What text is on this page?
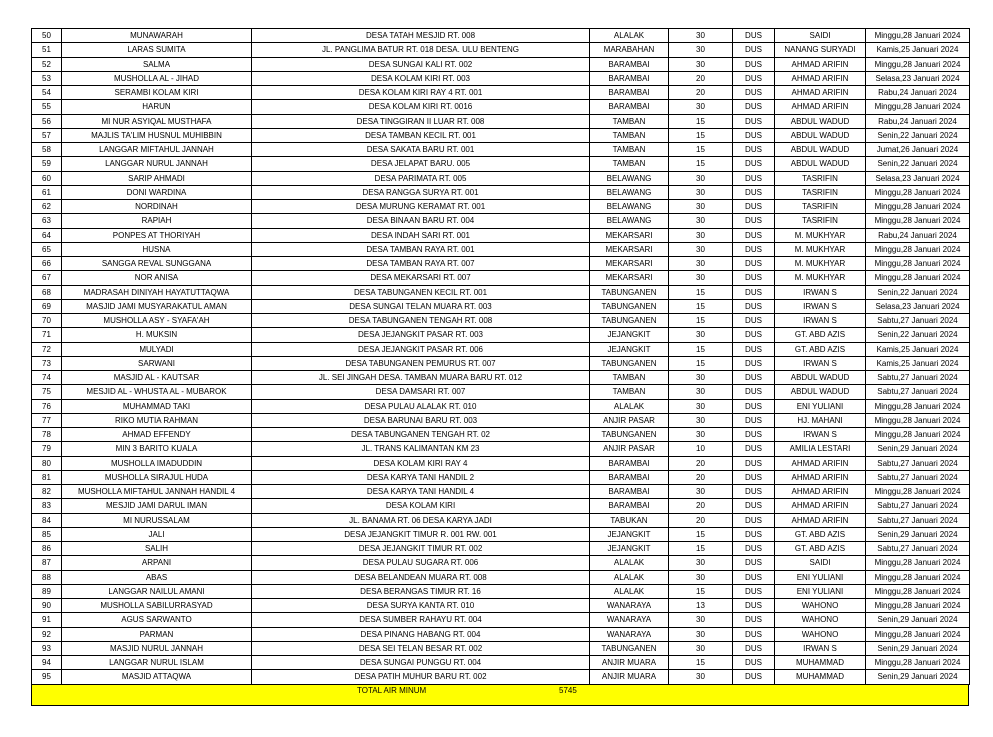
50	MUNAWARAH	DESA TATAH MESJID RT. 008	ALALAK	30	DUS	SAIDI	Minggu,28 Januari 2024
51	LARAS SUMITA	JL. PANGLIMA BATUR RT. 018 DESA. ULU BENTENG	MARABAHAN	30	DUS	NANANG SURYADI	Kamis,25 Januari 2024
52	SALMA	DESA SUNGAI KALI RT. 002	BARAMBAI	30	DUS	AHMAD ARIFIN	Minggu,28 Januari 2024
53	MUSHOLLA AL - JIHAD	DESA KOLAM KIRI RT. 003	BARAMBAI	20	DUS	AHMAD ARIFIN	Selasa,23 Januari 2024
54	SERAMBI KOLAM KIRI	DESA KOLAM KIRI RAY 4 RT. 001	BARAMBAI	20	DUS	AHMAD ARIFIN	Rabu,24 Januari 2024
55	HARUN	DESA KOLAM KIRI RT. 0016	BARAMBAI	30	DUS	AHMAD ARIFIN	Minggu,28 Januari 2024
56	MI NUR ASYIQAL MUSTHAFA	DESA TINGGIRAN II LUAR RT. 008	TAMBAN	15	DUS	ABDUL WADUD	Rabu,24 Januari 2024
57	MAJLIS TA'LIM HUSNUL MUHIBBIN	DESA TAMBAN KECIL RT. 001	TAMBAN	15	DUS	ABDUL WADUD	Senin,22 Januari 2024
58	LANGGAR MIFTAHUL JANNAH	DESA SAKATA BARU RT. 001	TAMBAN	15	DUS	ABDUL WADUD	Jumat,26 Januari 2024
59	LANGGAR NURUL JANNAH	DESA JELAPAT BARU. 005	TAMBAN	15	DUS	ABDUL WADUD	Senin,22 Januari 2024
60	SARIP AHMADI	DESA PARIMATA RT. 005	BELAWANG	30	DUS	TASRIFIN	Selasa,23 Januari 2024
61	DONI WARDINA	DESA RANGGA SURYA RT. 001	BELAWANG	30	DUS	TASRIFIN	Minggu,28 Januari 2024
62	NORDINAH	DESA MURUNG KERAMAT RT. 001	BELAWANG	30	DUS	TASRIFIN	Minggu,28 Januari 2024
63	RAPIAH	DESA BINAAN BARU RT. 004	BELAWANG	30	DUS	TASRIFIN	Minggu,28 Januari 2024
64	PONPES AT THORIYAH	DESA INDAH SARI RT. 001	MEKARSARI	30	DUS	M. MUKHYAR	Rabu,24 Januari 2024
65	HUSNA	DESA TAMBAN RAYA RT. 001	MEKARSARI	30	DUS	M. MUKHYAR	Minggu,28 Januari 2024
66	SANGGA REVAL SUNGGANA	DESA TAMBAN RAYA RT. 007	MEKARSARI	30	DUS	M. MUKHYAR	Minggu,28 Januari 2024
67	NOR ANISA	DESA MEKARSARI RT. 007	MEKARSARI	30	DUS	M. MUKHYAR	Minggu,28 Januari 2024
68	MADRASAH DINIYAH HAYATUTTAQWA	DESA TABUNGANEN KECIL RT. 001	TABUNGANEN	15	DUS	IRWAN S	Senin,22 Januari 2024
69	MASJID JAMI MUSYARAKATUL AMAN	DESA SUNGAI TELAN MUARA RT. 003	TABUNGANEN	15	DUS	IRWAN S	Selasa,23 Januari 2024
70	MUSHOLLA ASY - SYAFA'AH	DESA TABUNGANEN TENGAH RT. 008	TABUNGANEN	15	DUS	IRWAN S	Sabtu,27 Januari 2024
71	H. MUKSIN	DESA JEJANGKIT PASAR RT. 003	JEJANGKIT	30	DUS	GT. ABD AZIS	Senin,22 Januari 2024
72	MULYADI	DESA JEJANGKIT PASAR RT. 006	JEJANGKIT	15	DUS	GT. ABD AZIS	Kamis,25 Januari 2024
73	SARWANI	DESA TABUNGANEN PEMURUS RT. 007	TABUNGANEN	15	DUS	IRWAN S	Kamis,25 Januari 2024
74	MASJID AL - KAUTSAR	JL. SEI JINGAH DESA. TAMBAN MUARA BARU RT. 012	TAMBAN	30	DUS	ABDUL WADUD	Sabtu,27 Januari 2024
75	MESJID AL - WHUSTA AL - MUBAROK	DESA DAMSARI RT. 007	TAMBAN	30	DUS	ABDUL WADUD	Sabtu,27 Januari 2024
76	MUHAMMAD TAKI	DESA PULAU ALALAK RT. 010	ALALAK	30	DUS	ENI YULIANI	Minggu,28 Januari 2024
77	RIKO MUTIA RAHMAN	DESA BARUNAI BARU RT. 003	ANJIR PASAR	30	DUS	HJ. MAHANI	Minggu,28 Januari 2024
78	AHMAD EFFENDY	DESA TABUNGANEN TENGAH RT. 02	TABUNGANEN	30	DUS	IRWAN S	Minggu,28 Januari 2024
79	MIN 3 BARITO KUALA	JL. TRANS KALIMANTAN KM 23	ANJIR PASAR	10	DUS	AMILIA LESTARI	Senin,29 Januari 2024
80	MUSHOLLA IMADUDDIN	DESA KOLAM KIRI RAY 4	BARAMBAI	20	DUS	AHMAD ARIFIN	Sabtu,27 Januari 2024
81	MUSHOLLA SIRAJUL HUDA	DESA KARYA TANI HANDIL 2	BARAMBAI	20	DUS	AHMAD ARIFIN	Sabtu,27 Januari 2024
82	MUSHOLLA MIFTAHUL JANNAH HANDIL 4	DESA KARYA TANI HANDIL 4	BARAMBAI	30	DUS	AHMAD ARIFIN	Minggu,28 Januari 2024
83	MESJID JAMI DARUL IMAN	DESA KOLAM KIRI	BARAMBAI	20	DUS	AHMAD ARIFIN	Sabtu,27 Januari 2024
84	MI NURUSSALAM	JL. BANAMA RT. 06 DESA KARYA JADI	TABUKAN	20	DUS	AHMAD ARIFIN	Sabtu,27 Januari 2024
85	JALI	DESA JEJANGKIT TIMUR R. 001 RW. 001	JEJANGKIT	15	DUS	GT. ABD AZIS	Senin,29 Januari 2024
86	SALIH	DESA JEJANGKIT TIMUR RT. 002	JEJANGKIT	15	DUS	GT. ABD AZIS	Sabtu,27 Januari 2024
87	ARPANI	DESA PULAU SUGARA RT. 006	ALALAK	30	DUS	SAIDI	Minggu,28 Januari 2024
88	ABAS	DESA BELANDEAN MUARA RT. 008	ALALAK	30	DUS	ENI YULIANI	Minggu,28 Januari 2024
89	LANGGAR NAILUL AMANI	DESA BERANGAS TIMUR RT. 16	ALALAK	15	DUS	ENI YULIANI	Minggu,28 Januari 2024
90	MUSHOLLA SABILURRASYAD	DESA SURYA KANTA RT. 010	WANARAYA	13	DUS	WAHONO	Minggu,28 Januari 2024
91	AGUS SARWANTO	DESA SUMBER RAHAYU RT. 004	WANARAYA	30	DUS	WAHONO	Senin,29 Januari 2024
92	PARMAN	DESA PINANG HABANG RT. 004	WANARAYA	30	DUS	WAHONO	Minggu,28 Januari 2024
93	MASJID NURUL JANNAH	DESA SEI TELAN BESAR RT. 002	TABUNGANEN	30	DUS	IRWAN S	Senin,29 Januari 2024
94	LANGGAR NURUL ISLAM	DESA SUNGAI PUNGGU RT. 004	ANJIR MUARA	15	DUS	MUHAMMAD	Minggu,28 Januari 2024
95	MASJID ATTAQWA	DESA PATIH MUHUR BARU RT. 002	ANJIR MUARA	30	DUS	MUHAMMAD	Senin,29 Januari 2024
TOTAL AIR MINUM	5745
